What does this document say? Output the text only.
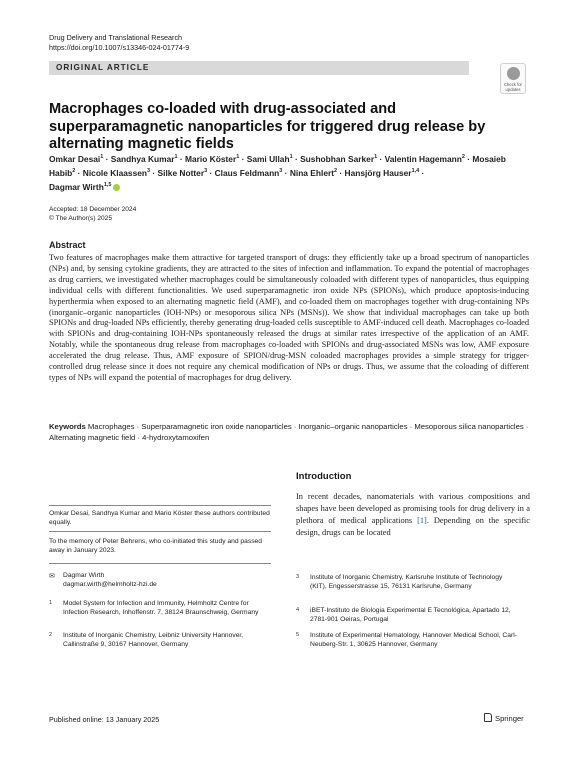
Drug Delivery and Translational Research
https://doi.org/10.1007/s13346-024-01774-9
ORIGINAL ARTICLE
Check for updates
Macrophages co-loaded with drug-associated and superparamagnetic nanoparticles for triggered drug release by alternating magnetic fields
Omkar Desai$^1$ · Sandhya Kumar$^1$ · Mario Köster$^1$ · Sami Ullah$^1$ · Sushobhan Sarker$^1$ · Valentin Hagemann$^2$ · Mosaieb Habib$^2$ · Nicole Klaassen$^3$ · Silke Notter$^3$ · Claus Feldmann$^3$ · Nina Ehlert$^2$ · Hansjörg Hauser$^{1,4}$ ·
Dagmar Wirth$^{1,5}$
Accepted: 18 December 2024
© The Author(s) 2025
Abstract
Two features of macrophages make them attractive for targeted transport of drugs: they efficiently take up a broad spectrum of nanoparticles (NPs) and, by sensing cytokine gradients, they are attracted to the sites of infection and inflammation. To expand the potential of macrophages as drug carriers, we investigated whether macrophages could be simultaneously coloaded with different types of nanoparticles, thus equipping individual cells with different functionalities. We used superparamagnetic iron oxide NPs (SPIONs), which produce apoptosis-inducing hyperthermia when exposed to an alternating magnetic field (AMF), and co-loaded them on macrophages together with drug-containing NPs (inorganic–organic nanoparticles (IOH-NPs) or mesoporous silica NPs (MSNs)). We show that individual macrophages can take up both SPIONs and drug-loaded NPs efficiently, thereby generating drug-loaded cells susceptible to AMF-induced cell death. Macrophages co-loaded with SPIONs and drug-containing IOH-NPs spontaneously released the drugs at similar rates irrespective of the application of an AMF. Notably, while the spontaneous drug release from macrophages co-loaded with SPIONs and drug-associated MSNs was low, AMF exposure accelerated the drug release. Thus, AMF exposure of SPION/drug-MSN coloaded macrophages provides a simple strategy for trigger-controlled drug release since it does not require any chemical modification of NPs or drugs. Thus, we assume that the coloading of different types of NPs will expand the potential of macrophages for drug delivery.
Keywords Macrophages · Superparamagnetic iron oxide nanoparticles · Inorganic–organic nanoparticles · Mesoporous silica nanoparticles · Alternating magnetic field · 4-hydroxytamoxifen
Introduction
In recent decades, nanomaterials with various compositions and shapes have been developed as promising tools for drug delivery in a plethora of medical applications [1]. Depending on the specific design, drugs can be located
Omkar Desai, Sandhya Kumar and Mario Köster these authors contributed equally.
To the memory of Peter Behrens, who co-initiated this study and passed away in January 2023.
✉ Dagmar Wirth
dagmar.wirth@helmholtz-hzi.de
1 Model System for Infection and Immunity, Helmholtz Centre for Infection Research, Inhoffenstr. 7, 38124 Braunschweig, Germany
2 Institute of Inorganic Chemistry, Leibniz University Hannover, Callinstraße 9, 30167 Hannover, Germany
3 Institute of Inorganic Chemistry, Karlsruhe Institute of Technology (KIT), Engesserstrasse 15, 76131 Karlsruhe, Germany
4 iBET-Instituto de Biologia Experimental E Tecnológica, Apartado 12, 2781-901 Oeiras, Portugal
5 Institute of Experimental Hematology, Hannover Medical School, Carl-Neuberg-Str. 1, 30625 Hannover, Germany
Published online: 13 January 2025	Springer
